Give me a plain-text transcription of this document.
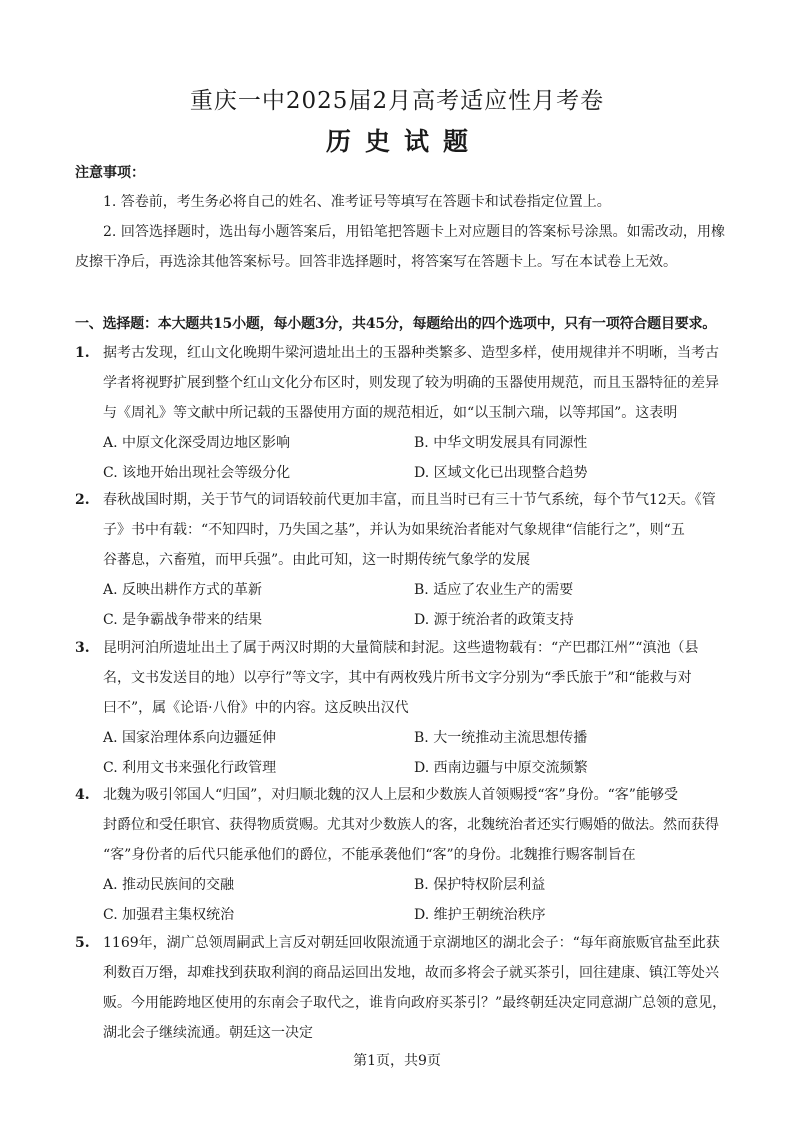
重庆一中2025届2月高考适应性月考卷
历史试题
注意事项：
1. 答卷前，考生务必将自己的姓名、准考证号等填写在答题卡和试卷指定位置上。
2. 回答选择题时，选出每小题答案后，用铅笔把答题卡上对应题目的答案标号涂黑。如需改动，用橡皮擦干净后，再选涂其他答案标号。回答非选择题时，将答案写在答题卡上。写在本试卷上无效。
一、选择题：本大题共15小题，每小题3分，共45分，每题给出的四个选项中，只有一项符合题目要求。
1. 据考古发现，红山文化晚期牛梁河遗址出土的玉器种类繁多、造型多样，使用规律并不明晰，当考古
学者将视野扩展到整个红山文化分布区时，则发现了较为明确的玉器使用规范，而且玉器特征的差异
与《周礼》等文献中所记载的玉器使用方面的规范相近，如“以玉制六瑞，以等邦国”。这表明
A. 中原文化深受周边地区影响	B. 中华文明发展具有同源性
C. 该地开始出现社会等级分化	D. 区域文化已出现整合趋势
2. 春秋战国时期，关于节气的词语较前代更加丰富，而且当时已有三十节气系统，每个节气12天。《管
子》书中有载：“不知四时，乃失国之基”，并认为如果统治者能对气象规律“信能行之”，则“五
谷蕃息，六畜殖，而甲兵强”。由此可知，这一时期传统气象学的发展
A. 反映出耕作方式的革新	B. 适应了农业生产的需要
C. 是争霸战争带来的结果	D. 源于统治者的政策支持
3. 昆明河泊所遗址出土了属于两汉时期的大量简牍和封泥。这些遗物载有：“产巴郡江州”“滇池（县
名，文书发送目的地）以亭行”等文字，其中有两枚残片所书文字分别为“季氏旅于”和“能救与对
曰不”，属《论语·八佾》中的内容。这反映出汉代
A. 国家治理体系向边疆延伸	B. 大一统推动主流思想传播
C. 利用文书来强化行政管理	D. 西南边疆与中原交流频繁
4. 北魏为吸引邻国人“归国”，对归顺北魏的汉人上层和少数族人首领赐授“客”身份。“客”能够受
封爵位和受任职官、获得物质赏赐。尤其对少数族人的客，北魏统治者还实行赐婚的做法。然而获得
“客”身份者的后代只能承他们的爵位，不能承袭他们“客”的身份。北魏推行赐客制旨在
A. 推动民族间的交融	B. 保护特权阶层利益
C. 加强君主集权统治	D. 维护王朝统治秩序
5. 1169年，湖广总领周嗣武上言反对朝廷回收限流通于京湖地区的湖北会子：“每年商旅贩官盐至此获
利数百万缗，却难找到获取利润的商品运回出发地，故而多将会子就买茶引，回往建康、镇江等处兴
贩。今用能跨地区使用的东南会子取代之，谁肯向政府买茶引？”最终朝廷决定同意湖广总领的意见，
湖北会子继续流通。朝廷这一决定
第1页，共9页
